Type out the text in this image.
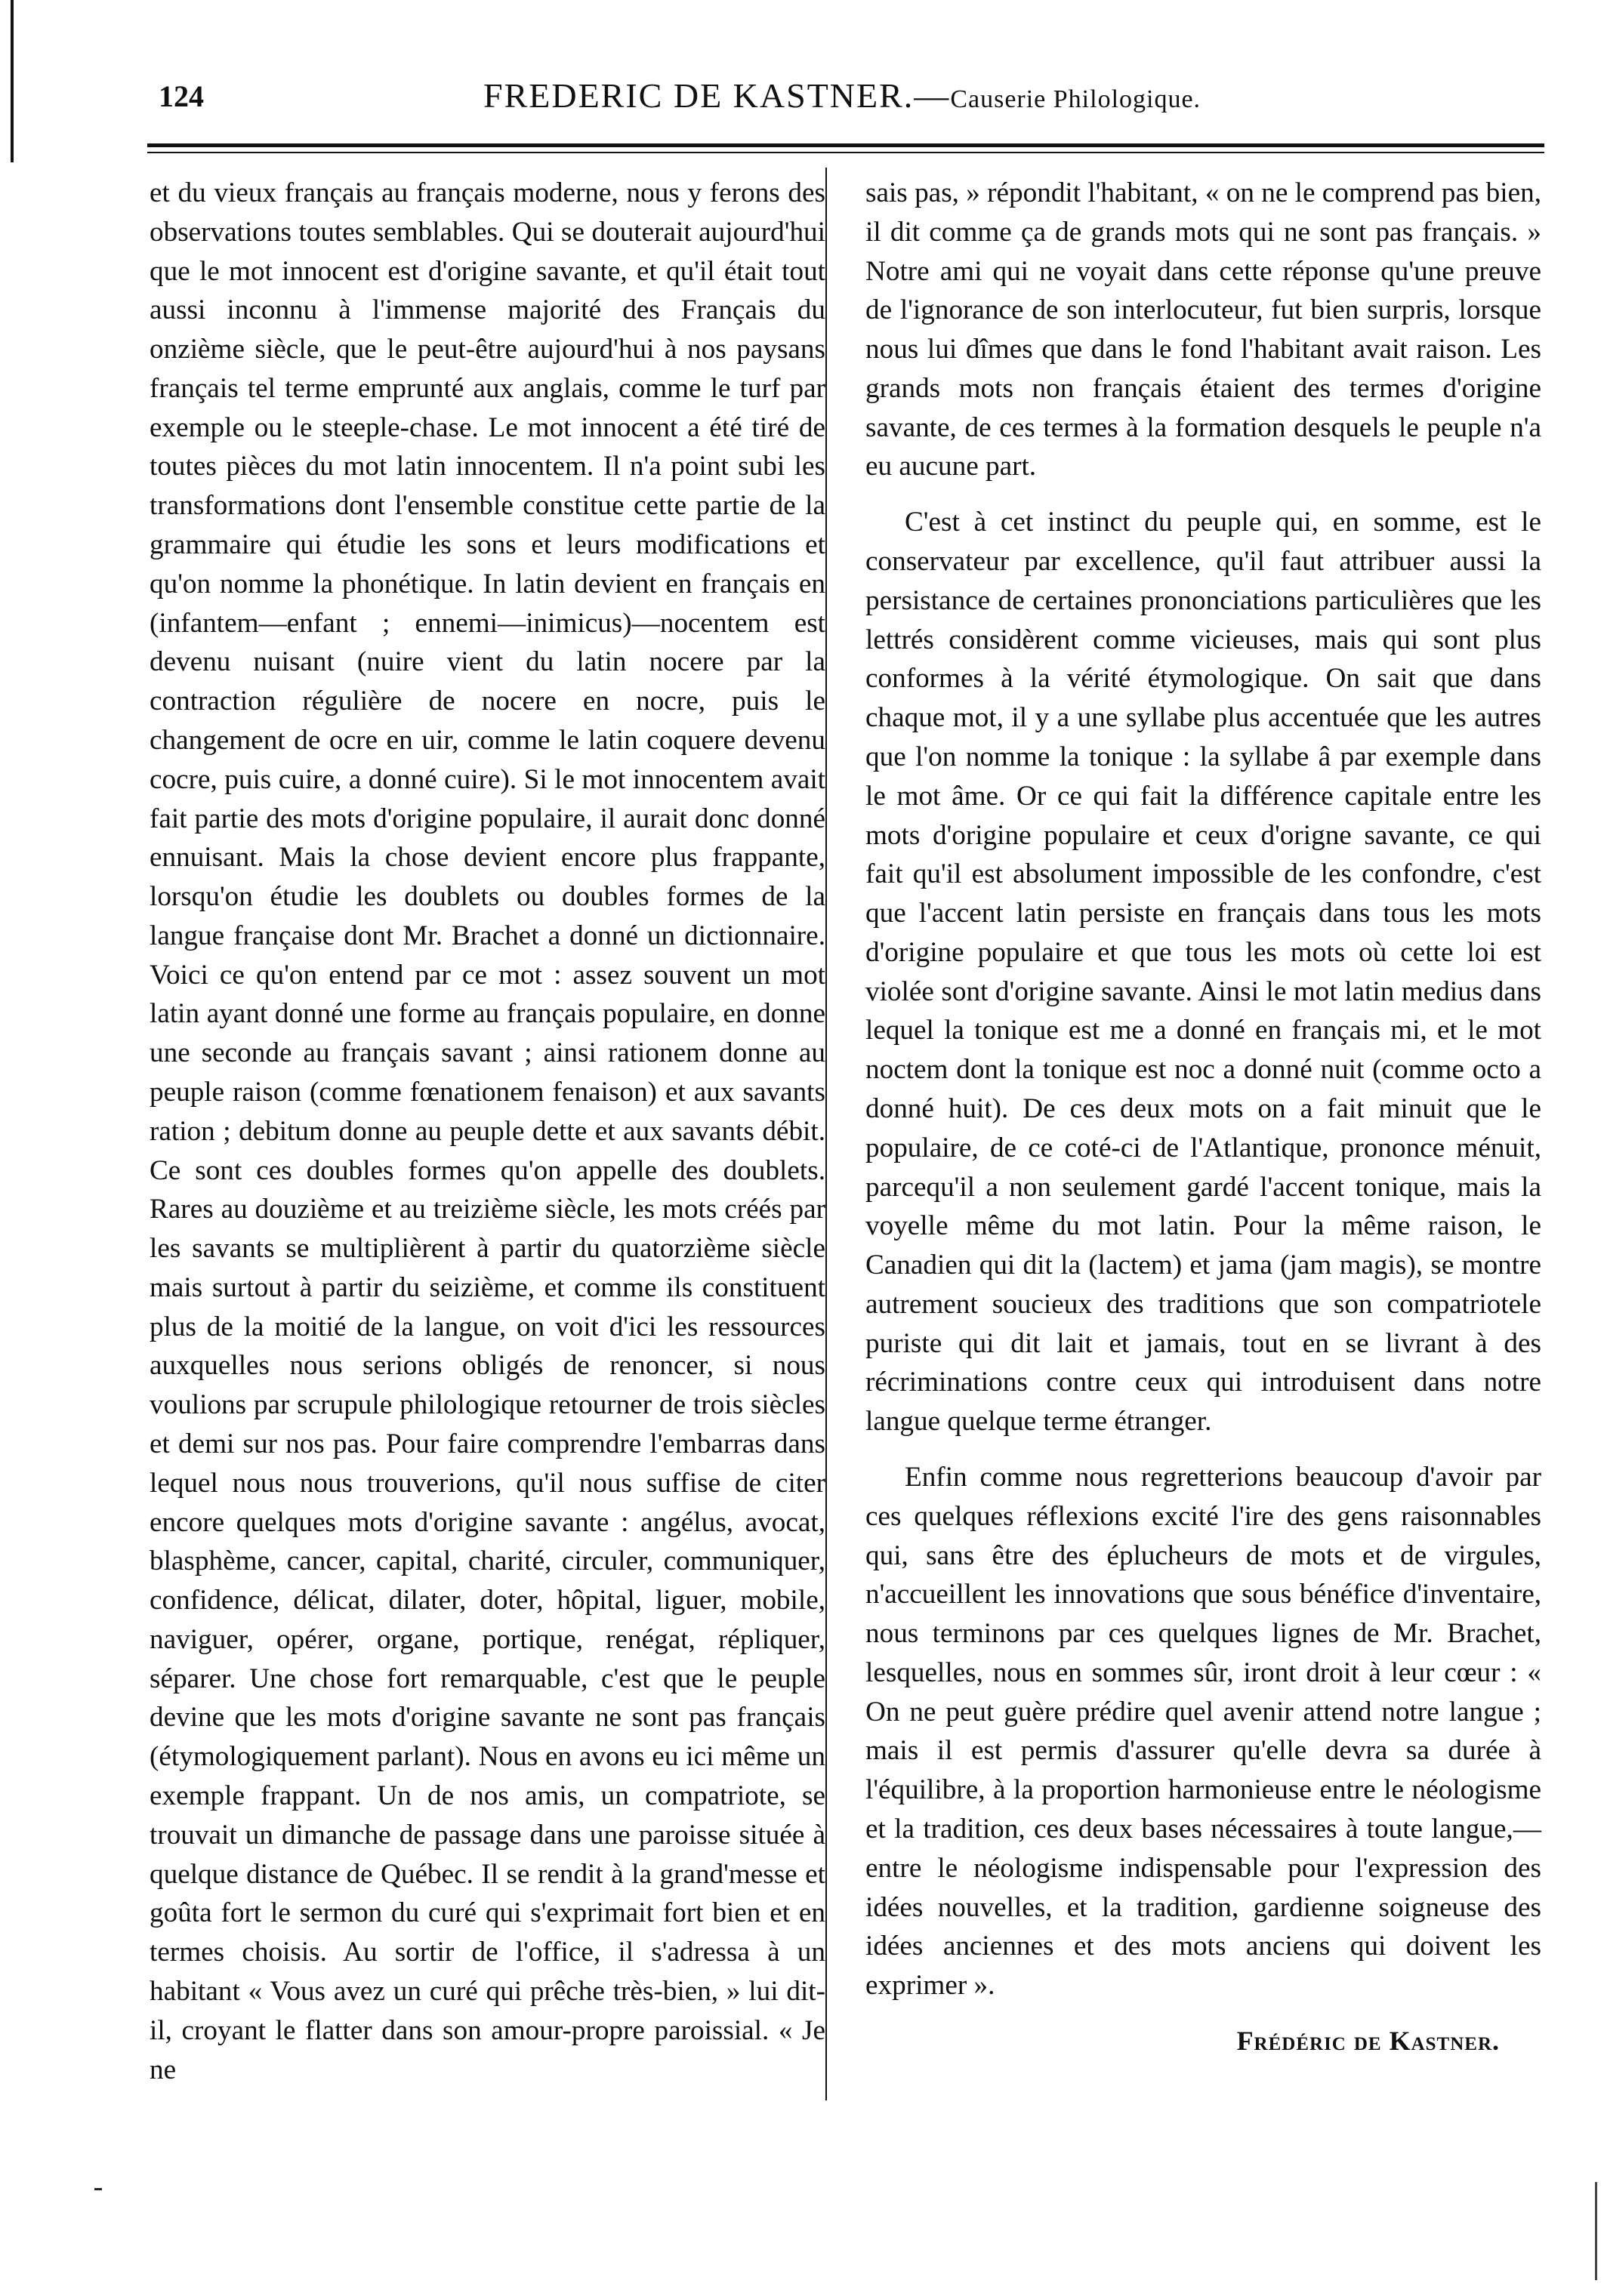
124	FREDERIC DE KASTNER.—Causerie Philologique.

et du vieux français au français moderne, nous y ferons des observations toutes semblables. Qui se douterait aujourd'hui que le mot innocent est d'origine savante, et qu'il était tout aussi inconnu à l'immense majorité des Français du onzième siècle, que le peut-être aujourd'hui à nos paysans français tel terme emprunté aux anglais, comme le turf par exemple ou le steeple-chase. Le mot innocent a été tiré de toutes pièces du mot latin innocentem. Il n'a point subi les transformations dont l'ensemble constitue cette partie de la grammaire qui étudie les sons et leurs modifications et qu'on nomme la phonétique. In latin devient en français en (infantem—enfant ; ennemi—inimicus)—nocentem est devenu nuisant (nuire vient du latin nocere par la contraction régulière de nocere en nocre, puis le changement de ocre en uir, comme le latin coquere devenu cocre, puis cuire, a donné cuire). Si le mot innocentem avait fait partie des mots d'origine populaire, il aurait donc donné ennuisant. Mais la chose devient encore plus frappante, lorsqu'on étudie les doublets ou doubles formes de la langue française dont Mr. Brachet a donné un dictionnaire. Voici ce qu'on entend par ce mot : assez souvent un mot latin ayant donné une forme au français populaire, en donne une seconde au français savant ; ainsi rationem donne au peuple raison (comme fœnationem fenaison) et aux savants ration ; debitum donne au peuple dette et aux savants débit. Ce sont ces doubles formes qu'on appelle des doublets. Rares au douzième et au treizième siècle, les mots créés par les savants se multiplièrent à partir du quatorzième siècle mais surtout à partir du seizième, et comme ils constituent plus de la moitié de la langue, on voit d'ici les ressources auxquelles nous serions obligés de renoncer, si nous voulions par scrupule philologique retourner de trois siècles et demi sur nos pas. Pour faire comprendre l'embarras dans lequel nous nous trouverions, qu'il nous suffise de citer encore quelques mots d'origine savante : angélus, avocat, blasphème, cancer, capital, charité, circuler, communiquer, confidence, délicat, dilater, doter, hôpital, liguer, mobile, naviguer, opérer, organe, portique, renégat, répliquer, séparer. Une chose fort remarquable, c'est que le peuple devine que les mots d'origine savante ne sont pas français (étymologiquement parlant). Nous en avons eu ici même un exemple frappant. Un de nos amis, un compatriote, se trouvait un dimanche de passage dans une paroisse située à quelque distance de Québec. Il se rendit à la grand'messe et goûta fort le sermon du curé qui s'exprimait fort bien et en termes choisis. Au sortir de l'office, il s'adressa à un habitant « Vous avez un curé qui prêche très-bien, » lui dit-il, croyant le flatter dans son amour-propre paroissial. « Je ne

sais pas, » répondit l'habitant, « on ne le comprend pas bien, il dit comme ça de grands mots qui ne sont pas français. » Notre ami qui ne voyait dans cette réponse qu'une preuve de l'ignorance de son interlocuteur, fut bien surpris, lorsque nous lui dîmes que dans le fond l'habitant avait raison. Les grands mots non français étaient des termes d'origine savante, de ces termes à la formation desquels le peuple n'a eu aucune part.

C'est à cet instinct du peuple qui, en somme, est le conservateur par excellence, qu'il faut attribuer aussi la persistance de certaines prononciations particulières que les lettrés considèrent comme vicieuses, mais qui sont plus conformes à la vérité étymologique. On sait que dans chaque mot, il y a une syllabe plus accentuée que les autres que l'on nomme la tonique : la syllabe â par exemple dans le mot âme. Or ce qui fait la différence capitale entre les mots d'origine populaire et ceux d'origne savante, ce qui fait qu'il est absolument impossible de les confondre, c'est que l'accent latin persiste en français dans tous les mots d'origine populaire et que tous les mots où cette loi est violée sont d'origine savante. Ainsi le mot latin medius dans lequel la tonique est me a donné en français mi, et le mot noctem dont la tonique est noc a donné nuit (comme octo a donné huit). De ces deux mots on a fait minuit que le populaire, de ce coté-ci de l'Atlantique, prononce ménuit, parcequ'il a non seulement gardé l'accent tonique, mais la voyelle même du mot latin. Pour la même raison, le Canadien qui dit la (lactem) et jama (jam magis), se montre autrement soucieux des traditions que son compatriotele puriste qui dit lait et jamais, tout en se livrant à des récriminations contre ceux qui introduisent dans notre langue quelque terme étranger.

Enfin comme nous regretterions beaucoup d'avoir par ces quelques réflexions excité l'ire des gens raisonnables qui, sans être des éplucheurs de mots et de virgules, n'accueillent les innovations que sous bénéfice d'inventaire, nous terminons par ces quelques lignes de Mr. Brachet, lesquelles, nous en sommes sûr, iront droit à leur cœur : « On ne peut guère prédire quel avenir attend notre langue ; mais il est permis d'assurer qu'elle devra sa durée à l'équilibre, à la proportion harmonieuse entre le néologisme et la tradition, ces deux bases nécessaires à toute langue,—entre le néologisme indispensable pour l'expression des idées nouvelles, et la tradition, gardienne soigneuse des idées anciennes et des mots anciens qui doivent les exprimer ».

Frédéric de Kastner.
